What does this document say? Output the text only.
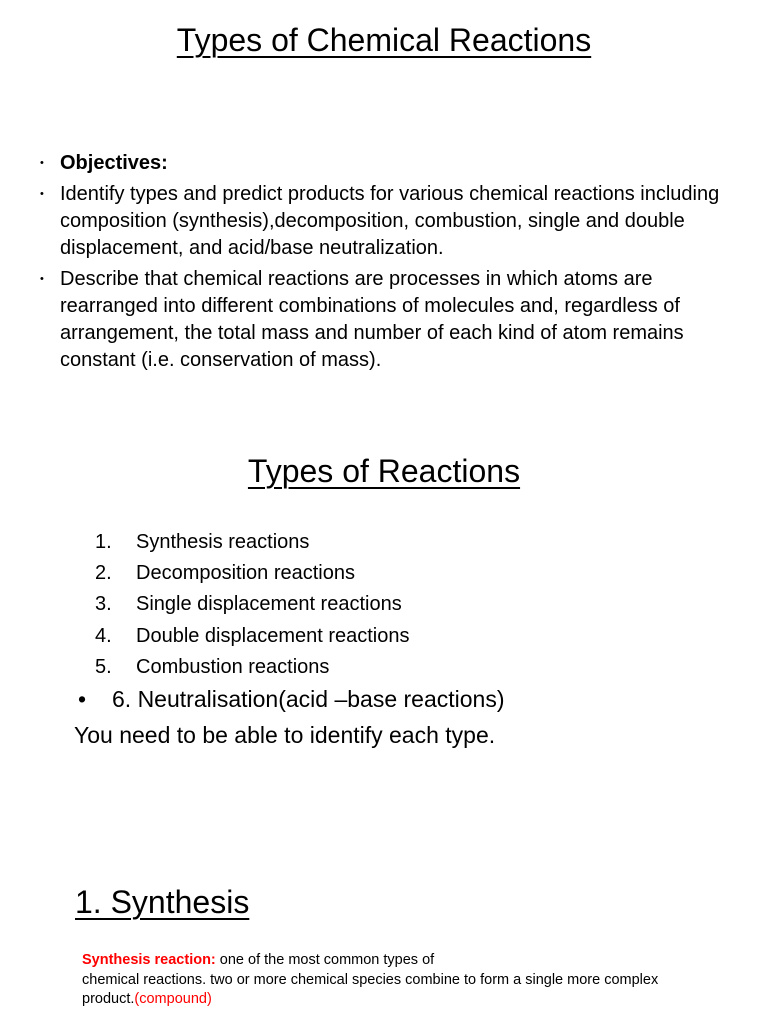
Types of Chemical Reactions
• Objectives:
• Identify types and predict products for various chemical reactions including composition (synthesis),decomposition, combustion, single and double displacement, and acid/base neutralization.
• Describe that chemical reactions are processes in which atoms are rearranged into different combinations of molecules and, regardless of arrangement, the total mass and number of each kind of atom remains constant (i.e. conservation of mass).
Types of Reactions
1.	Synthesis reactions
2.	Decomposition reactions
3.	Single displacement reactions
4.	Double displacement reactions
5.	Combustion reactions

• 6. Neutralisation(acid –base reactions)

You need to be able to identify each type.

1. Synthesis

Synthesis reaction: one of the most common types of
chemical reactions. two or more chemical species combine to form a single more complex product.(compound)
